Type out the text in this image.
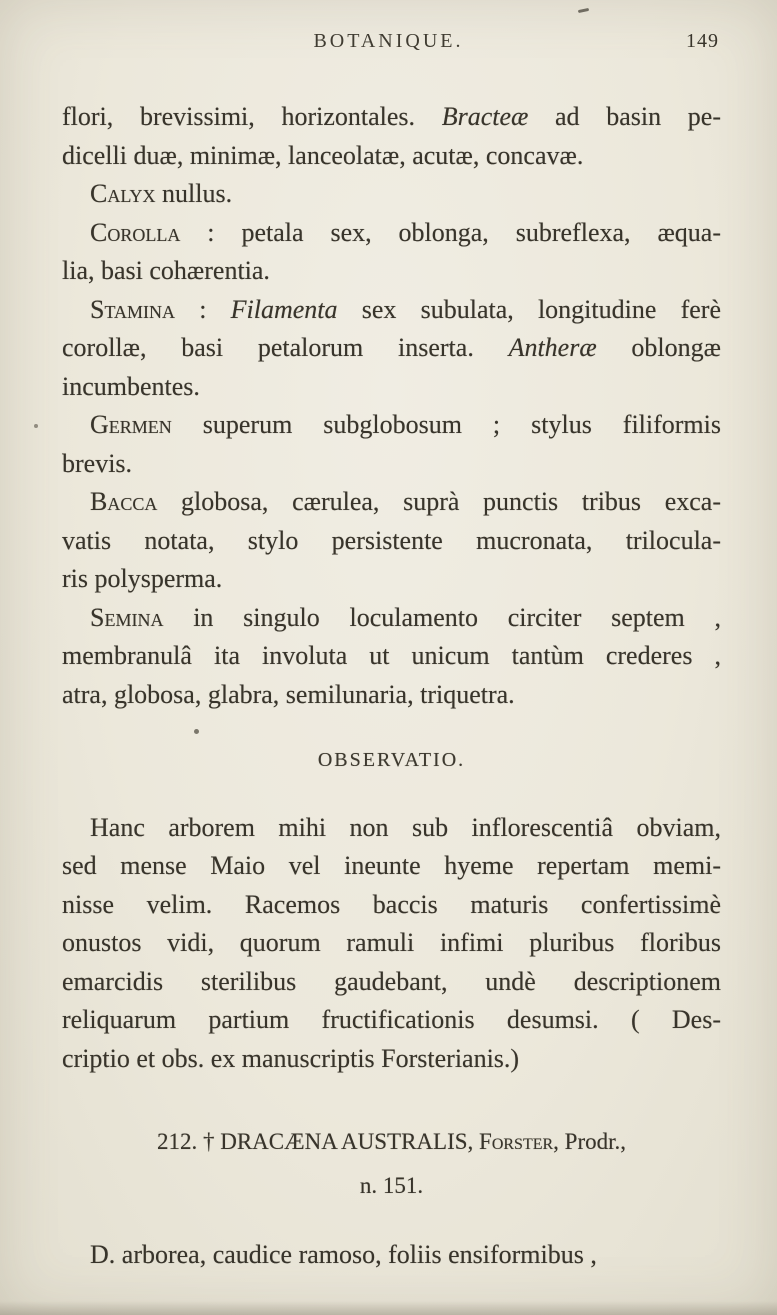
BOTANIQUE.	149
flori, brevissimi, horizontales. Bracteæ ad basin pe-
dicelli duæ, minimæ, lanceolatæ, acutæ, concavæ.
Calyx nullus.
Corolla : petala sex, oblonga, subreflexa, æqua-
lia, basi cohærentia.
Stamina : Filamenta sex subulata, longitudine ferè
corollæ, basi petalorum inserta. Antheræ oblongæ
incumbentes.
Germen superum subglobosum ; stylus filiformis
brevis.
Bacca globosa, cærulea, suprà punctis tribus exca-
vatis notata, stylo persistente mucronata, trilocula-
ris polysperma.
Semina in singulo loculamento circiter septem ,
membranulâ ita involuta ut unicum tantùm crederes ,
atra, globosa, glabra, semilunaria, triquetra.
OBSERVATIO.
Hanc arborem mihi non sub inflorescentiâ obviam,
sed mense Maio vel ineunte hyeme repertam memi-
nisse velim. Racemos baccis maturis confertissimè
onustos vidi, quorum ramuli infimi pluribus floribus
emarcidis sterilibus gaudebant, undè descriptionem
reliquarum partium fructificationis desumsi. ( Des-
criptio et obs. ex manuscriptis Forsterianis.)
212. † DRACÆNA AUSTRALIS, Forster, Prodr.,
n. 151.
D. arborea, caudice ramoso, foliis ensiformibus ,
